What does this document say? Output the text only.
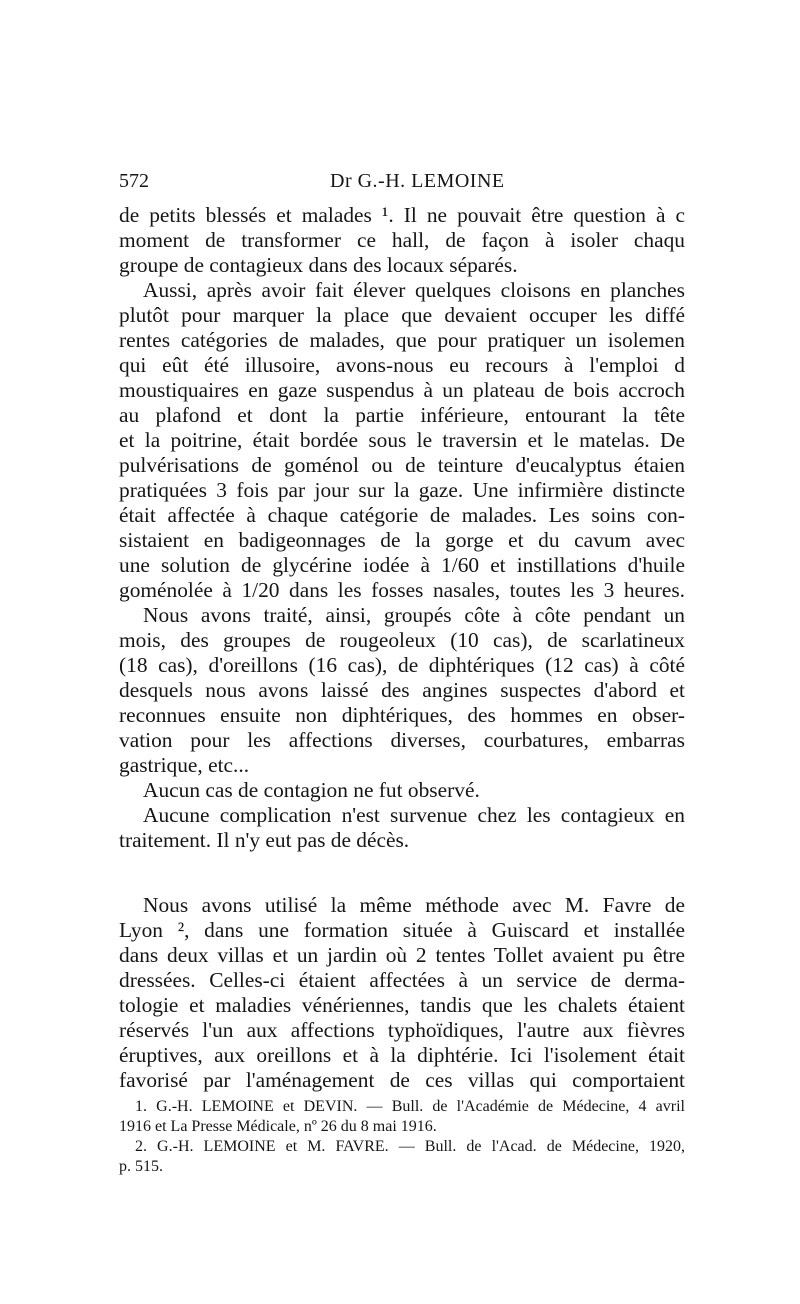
572	Dr G.-H. LEMOINE
de petits blessés et malades ¹. Il ne pouvait être question à c
moment de transformer ce hall, de façon à isoler chaqu
groupe de contagieux dans des locaux séparés.
Aussi, après avoir fait élever quelques cloisons en planches
plutôt pour marquer la place que devaient occuper les diffé
rentes catégories de malades, que pour pratiquer un isolemen
qui eût été illusoire, avons-nous eu recours à l'emploi d
moustiquaires en gaze suspendus à un plateau de bois accroch
au plafond et dont la partie inférieure, entourant la tête
et la poitrine, était bordée sous le traversin et le matelas. De
pulvérisations de goménol ou de teinture d'eucalyptus étaien
pratiquées 3 fois par jour sur la gaze. Une infirmière distincte
était affectée à chaque catégorie de malades. Les soins con-
sistaient en badigeonnages de la gorge et du cavum avec
une solution de glycérine iodée à 1/60 et instillations d'huile
goménolée à 1/20 dans les fosses nasales, toutes les 3 heures.
Nous avons traité, ainsi, groupés côte à côte pendant un
mois, des groupes de rougeoleux (10 cas), de scarlatineux
(18 cas), d'oreillons (16 cas), de diphtériques (12 cas) à côté
desquels nous avons laissé des angines suspectes d'abord et
reconnues ensuite non diphtériques, des hommes en obser-
vation pour les affections diverses, courbatures, embarras
gastrique, etc...
Aucun cas de contagion ne fut observé.
Aucune complication n'est survenue chez les contagieux en
traitement. Il n'y eut pas de décès.
Nous avons utilisé la même méthode avec M. Favre de
Lyon ², dans une formation située à Guiscard et installée
dans deux villas et un jardin où 2 tentes Tollet avaient pu être
dressées. Celles-ci étaient affectées à un service de derma-
tologie et maladies vénériennes, tandis que les chalets étaient
réservés l'un aux affections typhoïdiques, l'autre aux fièvres
éruptives, aux oreillons et à la diphtérie. Ici l'isolement était
favorisé par l'aménagement de ces villas qui comportaient
1. G.-H. LEMOINE et DEVIN. — Bull. de l'Académie de Médecine, 4 avril
1916 et La Presse Médicale, nº 26 du 8 mai 1916.
2. G.-H. LEMOINE et M. FAVRE. — Bull. de l'Acad. de Médecine, 1920,
p. 515.
